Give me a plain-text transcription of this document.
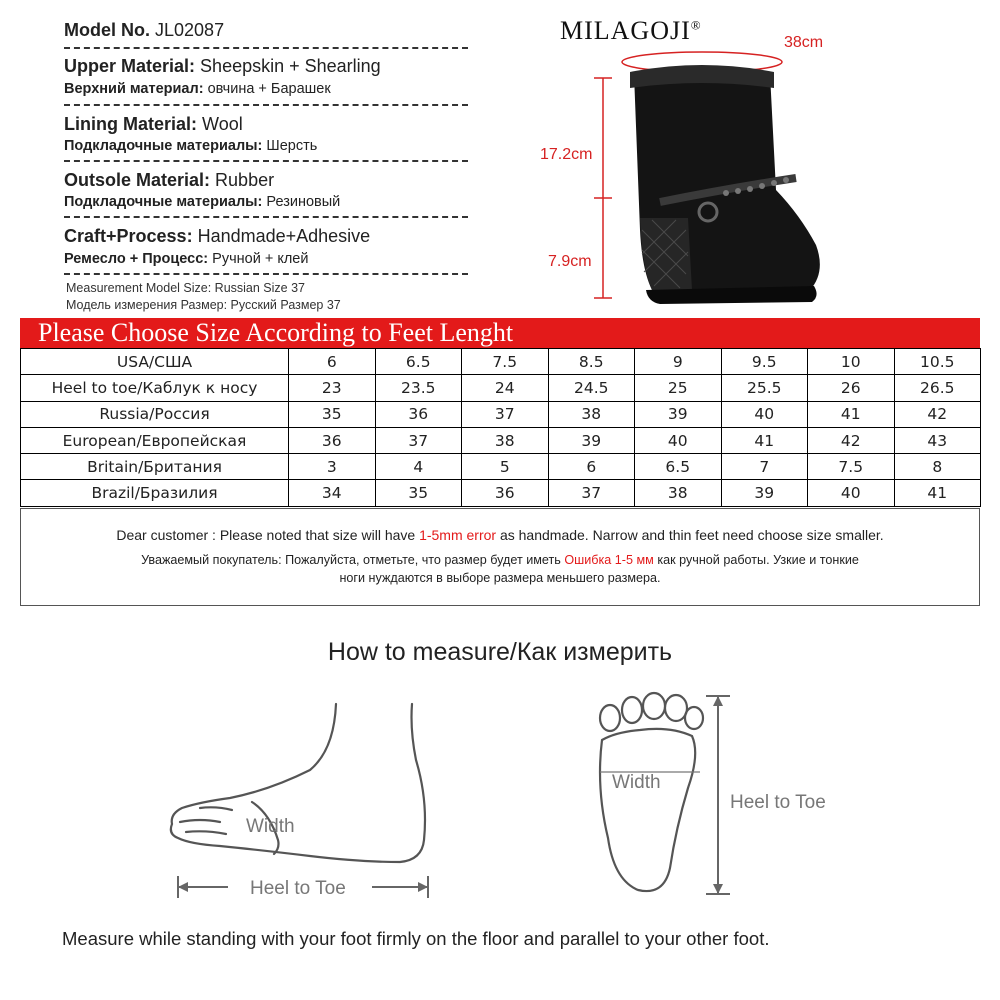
Model No. JL02087
Upper Material: Sheepskin + Shearling
Верхний материал: овчина + Барашек
Lining Material: Wool
Подкладочные материалы: Шерсть
Outsole Material: Rubber
Подкладочные материалы: Резиновый
Craft+Process: Handmade+Adhesive
Ремесло + Процесс: Ручной + клей
Measurement Model Size: Russian Size 37
Модель измерения Размер: Русский Размер 37
MILAGOJI®
38cm
17.2cm
7.9cm
Please Choose Size According to Feet Lenght
USA/США	6	6.5	7.5	8.5	9	9.5	10	10.5
Heel to toe/Каблук к носу	23	23.5	24	24.5	25	25.5	26	26.5
Russia/Россия	35	36	37	38	39	40	41	42
European/Европейская	36	37	38	39	40	41	42	43
Britain/Британия	3	4	5	6	6.5	7	7.5	8
Brazil/Бразилия	34	35	36	37	38	39	40	41
Dear customer : Please noted that size will have 1-5mm error as handmade. Narrow and thin feet need choose size smaller.
Уважаемый покупатель: Пожалуйста, отметьте, что размер будет иметь Ошибка 1-5 мм как ручной работы. Узкие и тонкие
ноги нуждаются в выборе размера меньшего размера.
How to measure/Как измерить
Width
Heel to Toe
Width
Heel to Toe
Measure while standing with your foot firmly on the floor and parallel to your other foot.
